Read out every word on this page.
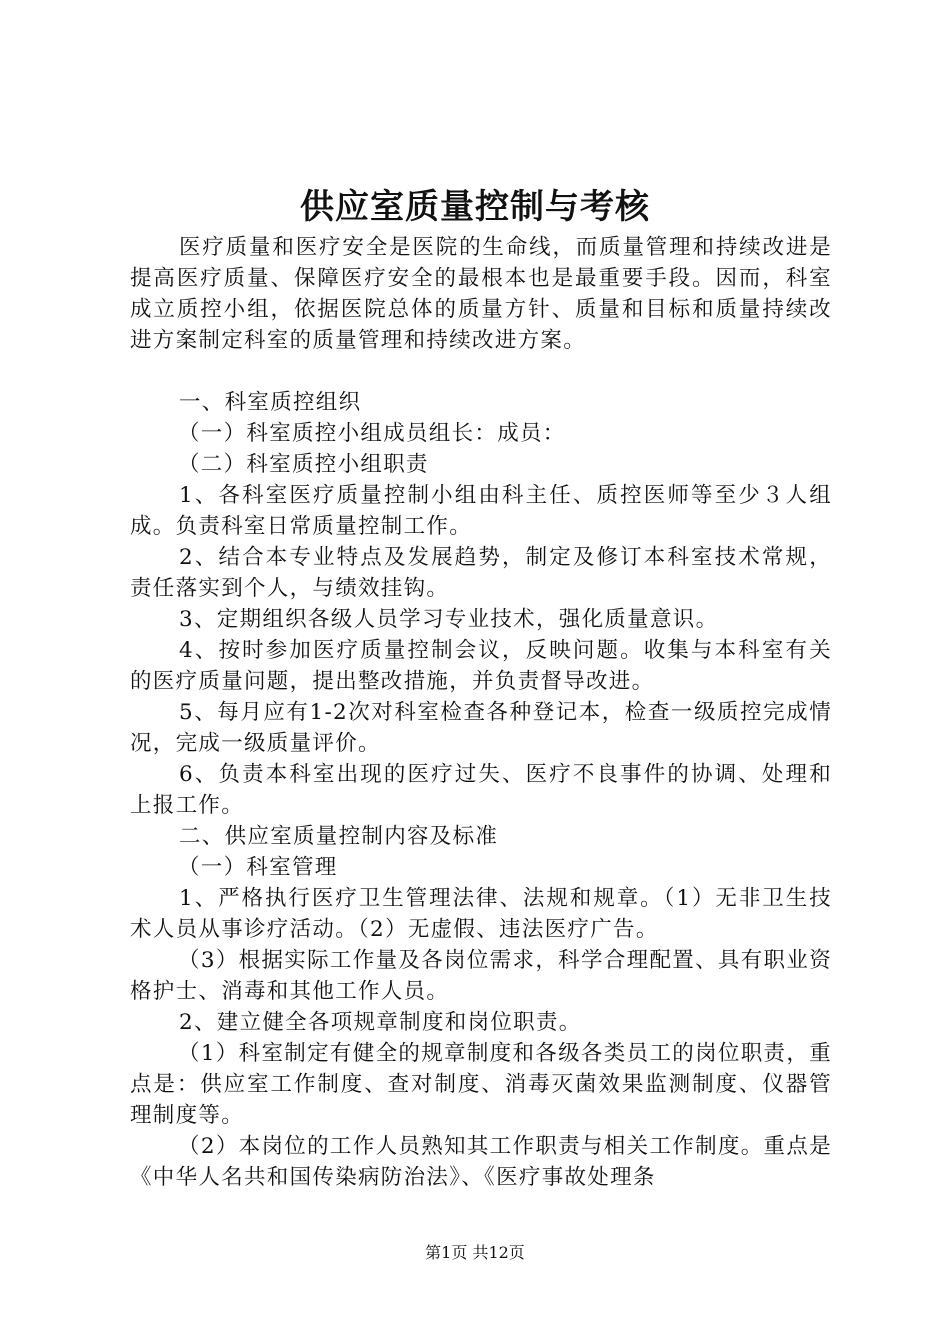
供应室质量控制与考核

医疗质量和医疗安全是医院的生命线，而质量管理和持续改进是提高医疗质量、保障医疗安全的最根本也是最重要手段。因而，科室成立质控小组，依据医院总体的质量方针、质量和目标和质量持续改进方案制定科室的质量管理和持续改进方案。

一、科室质控组织

（一）科室质控小组成员组长：成员：

（二）科室质控小组职责

1、各科室医疗质量控制小组由科主任、质控医师等至少３人组成。负责科室日常质量控制工作。

2、结合本专业特点及发展趋势，制定及修订本科室技术常规，责任落实到个人，与绩效挂钩。

3、定期组织各级人员学习专业技术，强化质量意识。

4、按时参加医疗质量控制会议，反映问题。收集与本科室有关的医疗质量问题，提出整改措施，并负责督导改进。

5、每月应有1-2次对科室检查各种登记本，检查一级质控完成情况，完成一级质量评价。

6、负责本科室出现的医疗过失、医疗不良事件的协调、处理和上报工作。

二、供应室质量控制内容及标准

（一）科室管理

1、严格执行医疗卫生管理法律、法规和规章。（1）无非卫生技术人员从事诊疗活动。（2）无虚假、违法医疗广告。

（3）根据实际工作量及各岗位需求，科学合理配置、具有职业资格护士、消毒和其他工作人员。

2、建立健全各项规章制度和岗位职责。

（1）科室制定有健全的规章制度和各级各类员工的岗位职责，重点是：供应室工作制度、查对制度、消毒灭菌效果监测制度、仪器管理制度等。

（2）本岗位的工作人员熟知其工作职责与相关工作制度。重点是《中华人名共和国传染病防治法》、《医疗事故处理条

第1页 共12页
